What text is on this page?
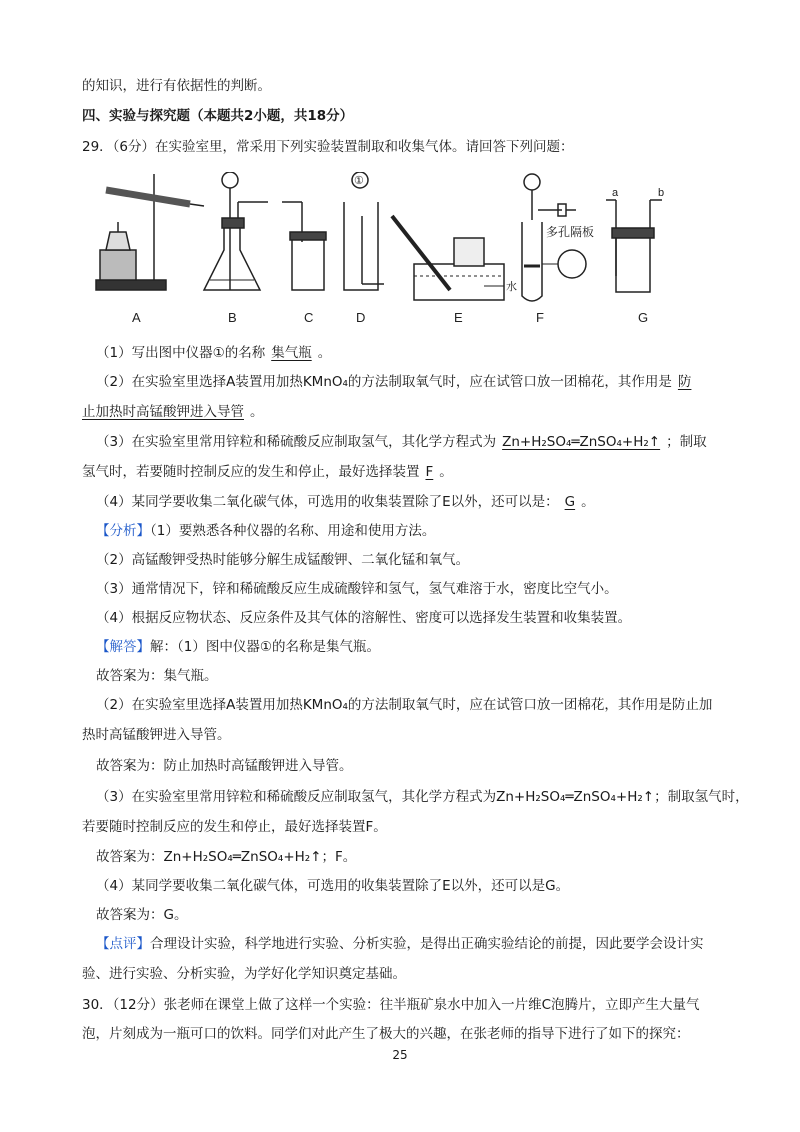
的知识，进行有依据性的判断。
四、实验与探究题（本题共2小题，共18分）
29．（6分）在实验室里，常采用下列实验装置制取和收集气体。请回答下列问题：
A	B	C	D	E	F	G
①
水
多孔隔板
a	b
（1）写出图中仪器①的名称 集气瓶 。
（2）在实验室里选择A装置用加热KMnO₄的方法制取氧气时，应在试管口放一团棉花，其作用是 防
止加热时高锰酸钾进入导管 。
（3）在实验室里常用锌粒和稀硫酸反应制取氢气，其化学方程式为 Zn+H₂SO₄═ZnSO₄+H₂↑ ；制取
氢气时，若要随时控制反应的发生和停止，最好选择装置 F 。
（4）某同学要收集二氧化碳气体，可选用的收集装置除了E以外，还可以是： G 。
【分析】（1）要熟悉各种仪器的名称、用途和使用方法。
（2）高锰酸钾受热时能够分解生成锰酸钾、二氧化锰和氧气。
（3）通常情况下，锌和稀硫酸反应生成硫酸锌和氢气，氢气难溶于水，密度比空气小。
（4）根据反应物状态、反应条件及其气体的溶解性、密度可以选择发生装置和收集装置。
【解答】解：（1）图中仪器①的名称是集气瓶。
故答案为：集气瓶。
（2）在实验室里选择A装置用加热KMnO₄的方法制取氧气时，应在试管口放一团棉花，其作用是防止加
热时高锰酸钾进入导管。
故答案为：防止加热时高锰酸钾进入导管。
（3）在实验室里常用锌粒和稀硫酸反应制取氢气，其化学方程式为Zn+H₂SO₄═ZnSO₄+H₂↑；制取氢气时，
若要随时控制反应的发生和停止，最好选择装置F。
故答案为：Zn+H₂SO₄═ZnSO₄+H₂↑；F。
（4）某同学要收集二氧化碳气体，可选用的收集装置除了E以外，还可以是G。
故答案为：G。
【点评】合理设计实验，科学地进行实验、分析实验，是得出正确实验结论的前提，因此要学会设计实
验、进行实验、分析实验，为学好化学知识奠定基础。
30．（12分）张老师在课堂上做了这样一个实验：往半瓶矿泉水中加入一片维C泡腾片，立即产生大量气
泡，片刻成为一瓶可口的饮料。同学们对此产生了极大的兴趣，在张老师的指导下进行了如下的探究：
25
